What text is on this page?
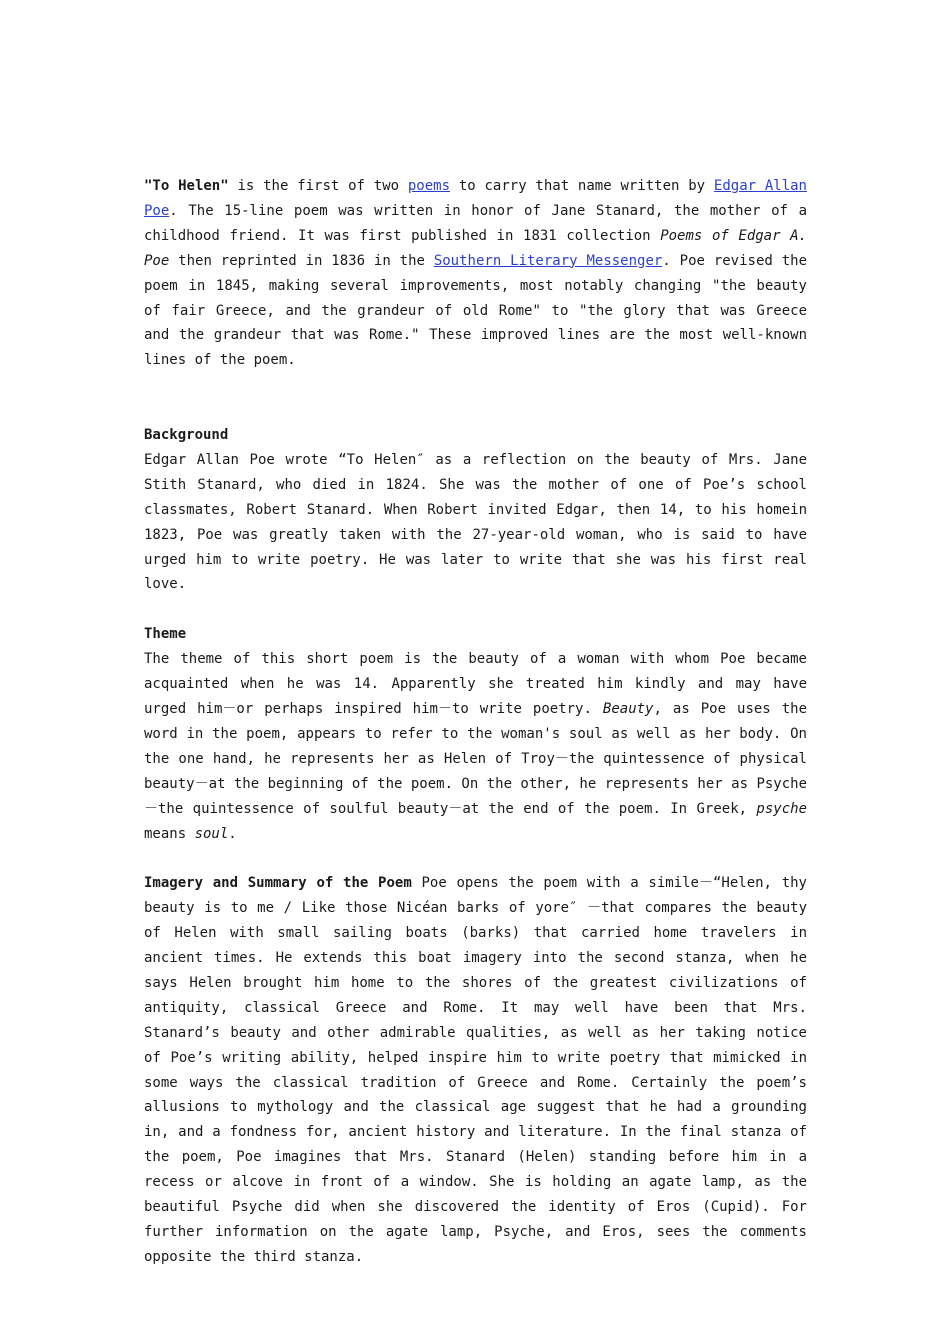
"To Helen" is the first of two poems to carry that name written by Edgar Allan Poe. The 15-line poem was written in honor of Jane Stanard, the mother of a childhood friend. It was first published in 1831 collection Poems of Edgar A. Poe then reprinted in 1836 in the Southern Literary Messenger. Poe revised the poem in 1845, making several improvements, most notably changing "the beauty of fair Greece, and the grandeur of old Rome" to "the glory that was Greece and the grandeur that was Rome." These improved lines are the most well-known lines of the poem.

Background

Edgar Allan Poe wrote “To Helen″ as a reflection on the beauty of Mrs. Jane Stith Stanard, who died in 1824. She was the mother of one of Poe’s school classmates, Robert Stanard. When Robert invited Edgar, then 14, to his homein 1823, Poe was greatly taken with the 27-year-old woman, who is said to have urged him to write poetry. He was later to write that she was his first real love.

Theme

The theme of this short poem is the beauty of a woman with whom Poe became acquainted when he was 14. Apparently she treated him kindly and may have urged him－or perhaps inspired him－to write poetry. Beauty, as Poe uses the word in the poem, appears to refer to the woman's soul as well as her body. On the one hand, he represents her as Helen of Troy－the quintessence of physical beauty－at the beginning of the poem. On the other, he represents her as Psyche－the quintessence of soulful beauty－at the end of the poem. In Greek, psyche means soul.

Imagery and Summary of the Poem Poe opens the poem with a simile－“Helen, thy beauty is to me / Like those Nicéan barks of yore″ －that compares the beauty of Helen with small sailing boats (barks) that carried home travelers in ancient times. He extends this boat imagery into the second stanza, when he says Helen brought him home to the shores of the greatest civilizations of antiquity, classical Greece and Rome. It may well have been that Mrs. Stanard’s beauty and other admirable qualities, as well as her taking notice of Poe’s writing ability, helped inspire him to write poetry that mimicked in some ways the classical tradition of Greece and Rome. Certainly the poem’s allusions to mythology and the classical age suggest that he had a grounding in, and a fondness for, ancient history and literature. In the final stanza of the poem, Poe imagines that Mrs. Stanard (Helen) standing before him in a recess or alcove in front of a window. She is holding an agate lamp, as the beautiful Psyche did when she discovered the identity of Eros (Cupid). For further information on the agate lamp, Psyche, and Eros, sees the comments opposite the third stanza.
